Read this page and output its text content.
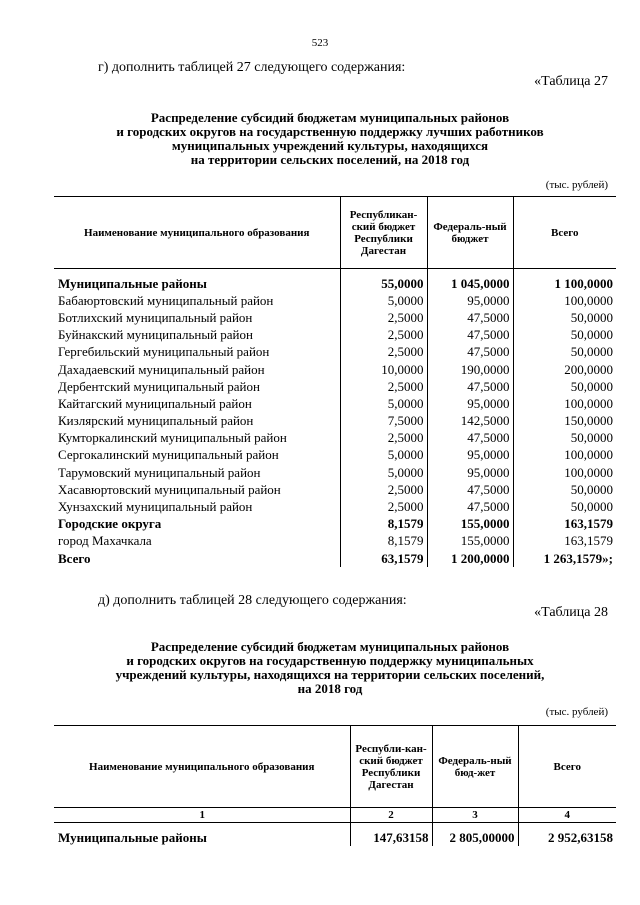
523
г) дополнить таблицей 27 следующего содержания:
«Таблица 27
Распределение субсидий бюджетам муниципальных районов
и городских округов на государственную поддержку лучших работников
муниципальных учреждений культуры, находящихся
на территории сельских поселений, на 2018 год
(тыс. рублей)
Наименование муниципального образования	Республикан-ский бюджет Республики Дагестан	Федераль-ный бюджет	Всего

Муниципальные районы	55,0000	1 045,0000	1 100,0000
Бабаюртовский муниципальный район	5,0000	95,0000	100,0000
Ботлихский муниципальный район	2,5000	47,5000	50,0000
Буйнакский муниципальный район	2,5000	47,5000	50,0000
Гергебильский муниципальный район	2,5000	47,5000	50,0000
Дахадаевский муниципальный район	10,0000	190,0000	200,0000
Дербентский муниципальный район	2,5000	47,5000	50,0000
Кайтагский муниципальный район	5,0000	95,0000	100,0000
Кизлярский муниципальный район	7,5000	142,5000	150,0000
Кумторкалинский муниципальный район	2,5000	47,5000	50,0000
Сергокалинский муниципальный район	5,0000	95,0000	100,0000
Тарумовский муниципальный район	5,0000	95,0000	100,0000
Хасавюртовский муниципальный район	2,5000	47,5000	50,0000
Хунзахский муниципальный район	2,5000	47,5000	50,0000
Городские округа	8,1579	155,0000	163,1579
город Махачкала	8,1579	155,0000	163,1579
Всего	63,1579	1 200,0000	1 263,1579»;
д) дополнить таблицей 28 следующего содержания:
«Таблица 28
Распределение субсидий бюджетам муниципальных районов
и городских округов на государственную поддержку муниципальных
учреждений культуры, находящихся на территории сельских поселений,
на 2018 год
(тыс. рублей)
Наименование муниципального образования	Республи-кан-ский бюджет Республики Дагестан	Федераль-ный бюд-жет	Всего
1	2	3	4

Муниципальные районы	147,63158	2 805,00000	2 952,63158
